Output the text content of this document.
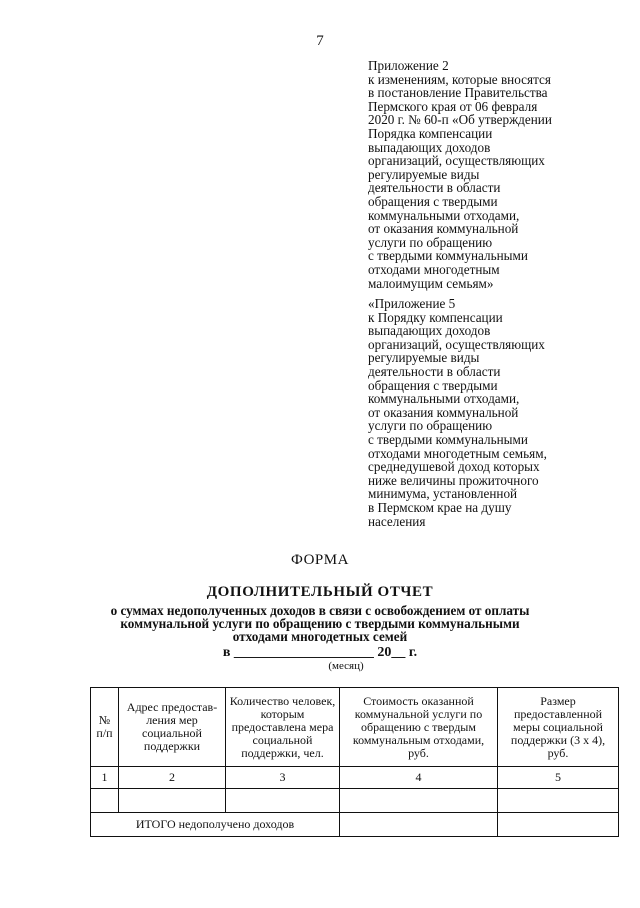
7
Приложение 2
к изменениям, которые вносятся
в постановление Правительства
Пермского края от 06 февраля
2020 г. № 60-п «Об утверждении
Порядка компенсации
выпадающих доходов
организаций, осуществляющих
регулируемые виды
деятельности в области
обращения с твердыми
коммунальными отходами,
от оказания коммунальной
услуги по обращению
с твердыми коммунальными
отходами многодетным
малоимущим семьям»
«Приложение 5
к Порядку компенсации
выпадающих доходов
организаций, осуществляющих
регулируемые виды
деятельности в области
обращения с твердыми
коммунальными отходами,
от оказания коммунальной
услуги по обращению
с твердыми коммунальными
отходами многодетным семьям,
среднедушевой доход которых
ниже величины прожиточного
минимума, установленной
в Пермском крае на душу
населения
ФОРМА
ДОПОЛНИТЕЛЬНЫЙ ОТЧЕТ
о суммах недополученных доходов в связи с освобождением от оплаты
коммунальной услуги по обращению с твердыми коммунальными
отходами многодетных семей
в ____________________ 20__ г.
(месяц)
№ п/п	Адрес предостав-ления мер социальной поддержки	Количество человек, которым предоставлена мера социальной поддержки, чел.	Стоимость оказанной коммунальной услуги по обращению с твердым коммунальным отходами, руб.	Размер предоставленной меры социальной поддержки (3 х 4), руб.
1	2	3	4	5

ИТОГО недополучено доходов				
